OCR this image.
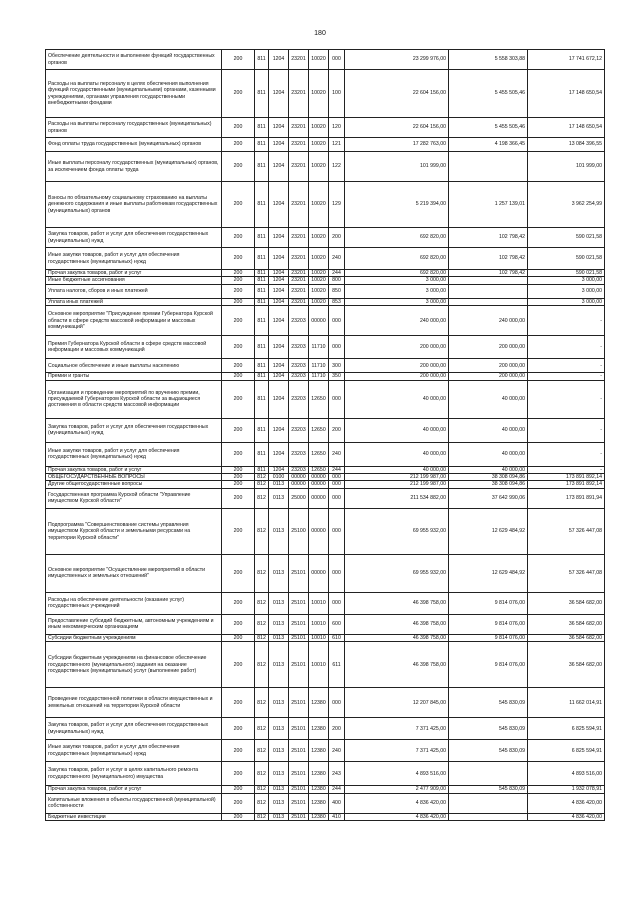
180
Обеспечение деятельности и выполнение функций государственных органов	200	811	1204	23201	10020	000	23 299 976,00	5 558 303,88	17 741 672,12
Расходы на выплаты персоналу в целях обеспечения выполнения функций государственными (муниципальными) органами, казенными учреждениями, органами управления государственными внебюджетными фондами	200	811	1204	23201	10020	100	22 604 156,00	5 455 505,46	17 148 650,54
Расходы на выплаты персоналу государственных (муниципальных) органов	200	811	1204	23201	10020	120	22 604 156,00	5 455 505,46	17 148 650,54
Фонд оплаты труда государственных (муниципальных) органов	200	811	1204	23201	10020	121	17 282 763,00	4 198 366,45	13 084 396,55
Иные выплаты персоналу государственных (муниципальных) органов, за исключением фонда оплаты труда	200	811	1204	23201	10020	122	101 999,00		101 999,00
Взносы по обязательному социальному страхованию на выплаты денежного содержания и иные выплаты работникам государственных (муниципальных) органов	200	811	1204	23201	10020	129	5 219 394,00	1 257 139,01	3 962 254,99
Закупка товаров, работ и услуг для обеспечения государственных (муниципальных) нужд	200	811	1204	23201	10020	200	692 820,00	102 798,42	590 021,58
Иные закупки товаров, работ и услуг для обеспечения государственных (муниципальных) нужд	200	811	1204	23201	10020	240	692 820,00	102 798,42	590 021,58
Прочая закупка товаров, работ и услуг	200	811	1204	23201	10020	244	692 820,00	102 798,42	590 021,58
Иные бюджетные ассигнования	200	811	1204	23201	10020	800	3 000,00		3 000,00
Уплата налогов, сборов и иных платежей	200	811	1204	23201	10020	850	3 000,00		3 000,00
Уплата иных платежей	200	811	1204	23201	10020	853	3 000,00		3 000,00
Основное мероприятие "Присуждение премии Губернатора Курской области в сфере средств массовой информации и массовых коммуникаций"	200	811	1204	23203	00000	000	240 000,00	240 000,00	-
Премия Губернатора Курской области в сфере средств массовой информации и массовых коммуникаций	200	811	1204	23203	11710	000	200 000,00	200 000,00	-
Социальное обеспечение и иные выплаты населению	200	811	1204	23203	11710	300	200 000,00	200 000,00	-
Премии и гранты	200	811	1204	23203	11710	350	200 000,00	200 000,00	-
Организация и проведение мероприятий по вручению премии, присуждаемой Губернатором Курской области за выдающиеся достижения в области средств массовой информации	200	811	1204	23203	12650	000	40 000,00	40 000,00	-
Закупка товаров, работ и услуг для обеспечения государственных (муниципальных) нужд	200	811	1204	23203	12650	200	40 000,00	40 000,00	-
Иные закупки товаров, работ и услуг для обеспечения государственных (муниципальных) нужд	200	811	1204	23203	12650	240	40 000,00	40 000,00	-
Прочая закупка товаров, работ и услуг	200	811	1204	23203	12650	244	40 000,00	40 000,00	-
ОБЩЕГОСУДАРСТВЕННЫЕ ВОПРОСЫ	200	812	0100	00000	00000	000	212 199 987,00	38 308 094,86	173 891 892,14
Другие общегосударственные вопросы	200	812	0113	00000	00000	000	212 199 987,00	38 308 094,86	173 891 892,14
Государственная программа Курской области "Управление имуществом Курской области"	200	812	0113	25000	00000	000	211 534 882,00	37 642 990,06	173 891 891,94
Подпрограмма "Совершенствование системы управления имуществом Курской области и земельными ресурсами на территории Курской области"	200	812	0113	25100	00000	000	69 955 932,00	12 629 484,92	57 326 447,08
Основное мероприятие "Осуществление мероприятий в области имущественных и земельных отношений"	200	812	0113	25101	00000	000	69 955 932,00	12 629 484,92	57 326 447,08
Расходы на обеспечение деятельности (оказание услуг) государственных учреждений	200	812	0113	25101	10010	000	46 398 758,00	9 814 076,00	36 584 682,00
Предоставление субсидий бюджетным, автономным учреждениям и иным некоммерческим организациям	200	812	0113	25101	10010	600	46 398 758,00	9 814 076,00	36 584 682,00
Субсидии бюджетным учреждениям	200	812	0113	25101	10010	610	46 398 758,00	9 814 076,00	36 584 682,00
Субсидии бюджетным учреждениям на финансовое обеспечение государственного (муниципального) задания на оказание государственных (муниципальных) услуг (выполнение работ)	200	812	0113	25101	10010	611	46 398 758,00	9 814 076,00	36 584 682,00
Проведение государственной политики в области имущественных и земельных отношений на территории Курской области	200	812	0113	25101	12380	000	12 207 845,00	545 830,09	11 662 014,91
Закупка товаров, работ и услуг для обеспечения государственных (муниципальных) нужд	200	812	0113	25101	12380	200	7 371 425,00	545 830,09	6 825 594,91
Иные закупки товаров, работ и услуг для обеспечения государственных (муниципальных) нужд	200	812	0113	25101	12380	240	7 371 425,00	545 830,09	6 825 594,91
Закупка товаров, работ и услуг в целях капитального ремонта государственного (муниципального) имущества	200	812	0113	25101	12380	243	4 893 516,00		4 893 516,00
Прочая закупка товаров, работ и услуг	200	812	0113	25101	12380	244	2 477 909,00	545 830,09	1 932 078,91
Капитальные вложения в объекты государственной (муниципальной) собственности	200	812	0113	25101	12380	400	4 836 420,00		4 836 420,00
Бюджетные инвестиции	200	812	0113	25101	12380	410	4 836 420,00		4 836 420,00
